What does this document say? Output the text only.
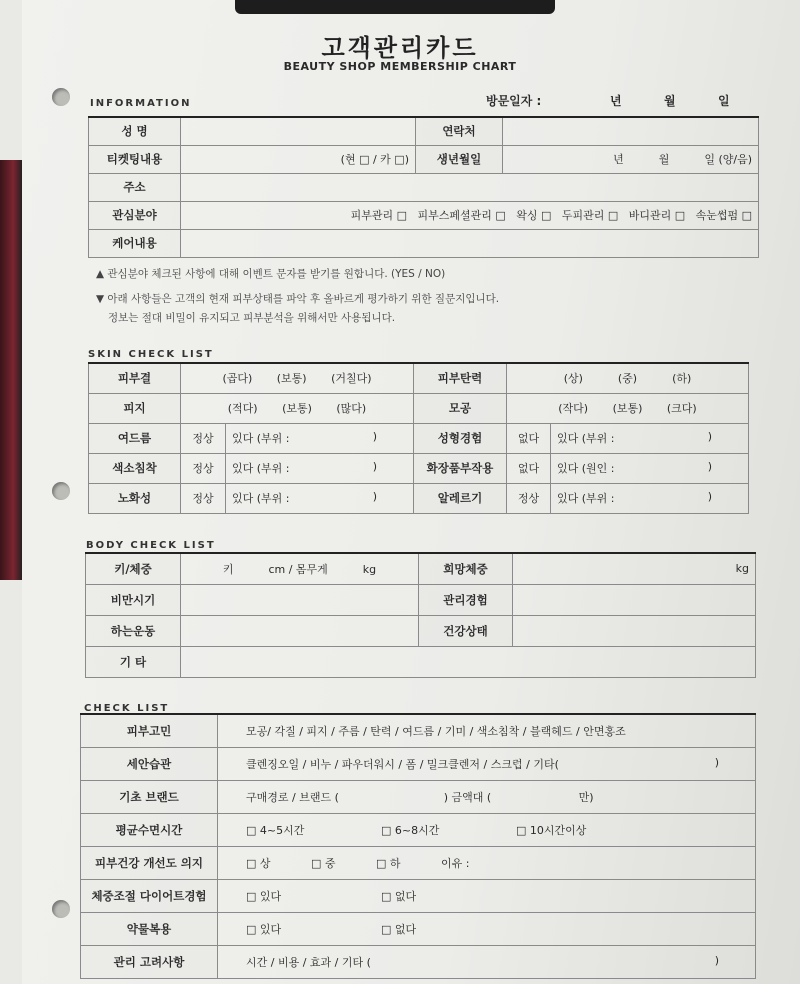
고객관리카드
BEAUTY SHOP MEMBERSHIP CHART
INFORMATION	방문일자 :	년	월	일
성 명		연락처	
티켓팅내용	(현 □ / 카 □)	생년월일	년          월          일 (양/음)
주소			
관심분야	피부관리 □   피부스페셜관리 □   왁싱 □   두피관리 □   바디관리 □   속눈썹펌 □		
케어내용			
▲ 관심분야 체크된 사항에 대해 이벤트 문자를 받기를 원합니다. (YES / NO)
▼ 아래 사항들은 고객의 현재 피부상태를 파악 후 올바르게 평가하기 위한 질문지입니다.
정보는 절대 비밀이 유지되고 피부분석을 위해서만 사용됩니다.
SKIN CHECK LIST
피부결	(곱다)       (보통)       (거칠다)		피부탄력	(상)          (중)          (하)	
피지	(적다)       (보통)       (많다)		모공	(작다)       (보통)       (크다)	
여드름	정상	있다 (부위 : )	성형경험	없다	있다 (부위 : )

색소침착	정상	있다 (부위 : )	화장품부작용	없다	있다 (원인 : )

노화성	정상	있다 (부위 : )	알레르기	정상	있다 (부위 : )
BODY CHECK LIST
키/체중	키          cm / 몸무게          kg	희망체중	kg
비만시기		관리경험	
하는운동		건강상태	
기 타			
CHECK LIST
피부고민	모공/ 각질 / 피지 / 주름 / 탄력 / 여드름 / 기미 / 색소침착 / 블랙헤드 / 안면홍조
세안습관	클렌징오일 / 비누 / 파우더워시 / 폼 / 밀크클렌저 / 스크럽 / 기타( )

기초 브랜드	구매경로 / 브랜드 (                              ) 금액대 (                         만)
평균수면시간	□ 4~5시간 □ 6~8시간 □ 10시간이상
피부건강 개선도 의지	□ 상 □ 중 □ 하 이유 :
체중조절 다이어트경험	□ 있다 □ 없다
약물복용	□ 있다 □ 없다
관리 고려사항	시간 / 비용 / 효과 / 기타 ( )
